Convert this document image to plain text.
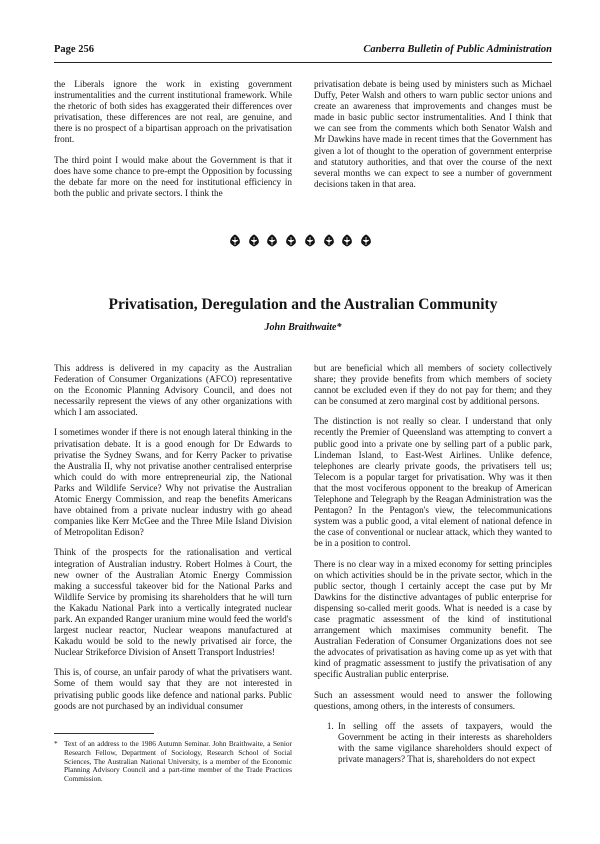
Page 256	Canberra Bulletin of Public Administration

the Liberals ignore the work in existing government instrumentalities and the current institutional framework. While the rhetoric of both sides has exaggerated their differences over privatisation, these differences are not real, are genuine, and there is no prospect of a bipartisan approach on the privatisation front.

The third point I would make about the Government is that it does have some chance to pre-empt the Opposition by focussing the debate far more on the need for institutional efficiency in both the public and private sectors. I think the

privatisation debate is being used by ministers such as Michael Duffy, Peter Walsh and others to warn public sector unions and create an awareness that improvements and changes must be made in basic public sector instrumentalities. And I think that we can see from the comments which both Senator Walsh and Mr Dawkins have made in recent times that the Government has given a lot of thought to the operation of government enterprise and statutory authorities, and that over the course of the next several months we can expect to see a number of government decisions taken in that area.

Privatisation, Deregulation and the Australian Community
John Braithwaite*

This address is delivered in my capacity as the Australian Federation of Consumer Organizations (AFCO) representative on the Economic Planning Advisory Council, and does not necessarily represent the views of any other organizations with which I am associated.

I sometimes wonder if there is not enough lateral thinking in the privatisation debate. It is a good enough for Dr Edwards to privatise the Sydney Swans, and for Kerry Packer to privatise the Australia II, why not privatise another centralised enterprise which could do with more entrepreneurial zip, the National Parks and Wildlife Service? Why not privatise the Australian Atomic Energy Commission, and reap the benefits Americans have obtained from a private nuclear industry with go ahead companies like Kerr McGee and the Three Mile Island Division of Metropolitan Edison?

Think of the prospects for the rationalisation and vertical integration of Australian industry. Robert Holmes à Court, the new owner of the Australian Atomic Energy Commission making a successful takeover bid for the National Parks and Wildlife Service by promising its shareholders that he will turn the Kakadu National Park into a vertically integrated nuclear park. An expanded Ranger uranium mine would feed the world's largest nuclear reactor, Nuclear weapons manufactured at Kakadu would be sold to the newly privatised air force, the Nuclear Strikeforce Division of Ansett Transport Industries!

This is, of course, an unfair parody of what the privatisers want. Some of them would say that they are not interested in privatising public goods like defence and national parks. Public goods are not purchased by an individual consumer

but are beneficial which all members of society collectively share; they provide benefits from which members of society cannot be excluded even if they do not pay for them; and they can be consumed at zero marginal cost by additional persons.

The distinction is not really so clear. I understand that only recently the Premier of Queensland was attempting to convert a public good into a private one by selling part of a public park, Lindeman Island, to East-West Airlines. Unlike defence, telephones are clearly private goods, the privatisers tell us; Telecom is a popular target for privatisation. Why was it then that the most vociferous opponent to the breakup of American Telephone and Telegraph by the Reagan Administration was the Pentagon? In the Pentagon's view, the telecommunications system was a public good, a vital element of national defence in the case of conventional or nuclear attack, which they wanted to be in a position to control.

There is no clear way in a mixed economy for setting principles on which activities should be in the private sector, which in the public sector, though I certainly accept the case put by Mr Dawkins for the distinctive advantages of public enterprise for dispensing so-called merit goods. What is needed is a case by case pragmatic assessment of the kind of institutional arrangement which maximises community benefit. The Australian Federation of Consumer Organizations does not see the advocates of privatisation as having come up as yet with that kind of pragmatic assessment to justify the privatisation of any specific Australian public enterprise.

Such an assessment would need to answer the following questions, among others, in the interests of consumers.

1. In selling off the assets of taxpayers, would the Government be acting in their interests as shareholders with the same vigilance shareholders should expect of private managers? That is, shareholders do not expect
* Text of an address to the 1986 Autumn Seminar. John Braithwaite, a Senior Research Fellow, Department of Sociology, Research School of Social Sciences, The Australian National University, is a member of the Economic Planning Advisory Council and a part-time member of the Trade Practices Commission.
